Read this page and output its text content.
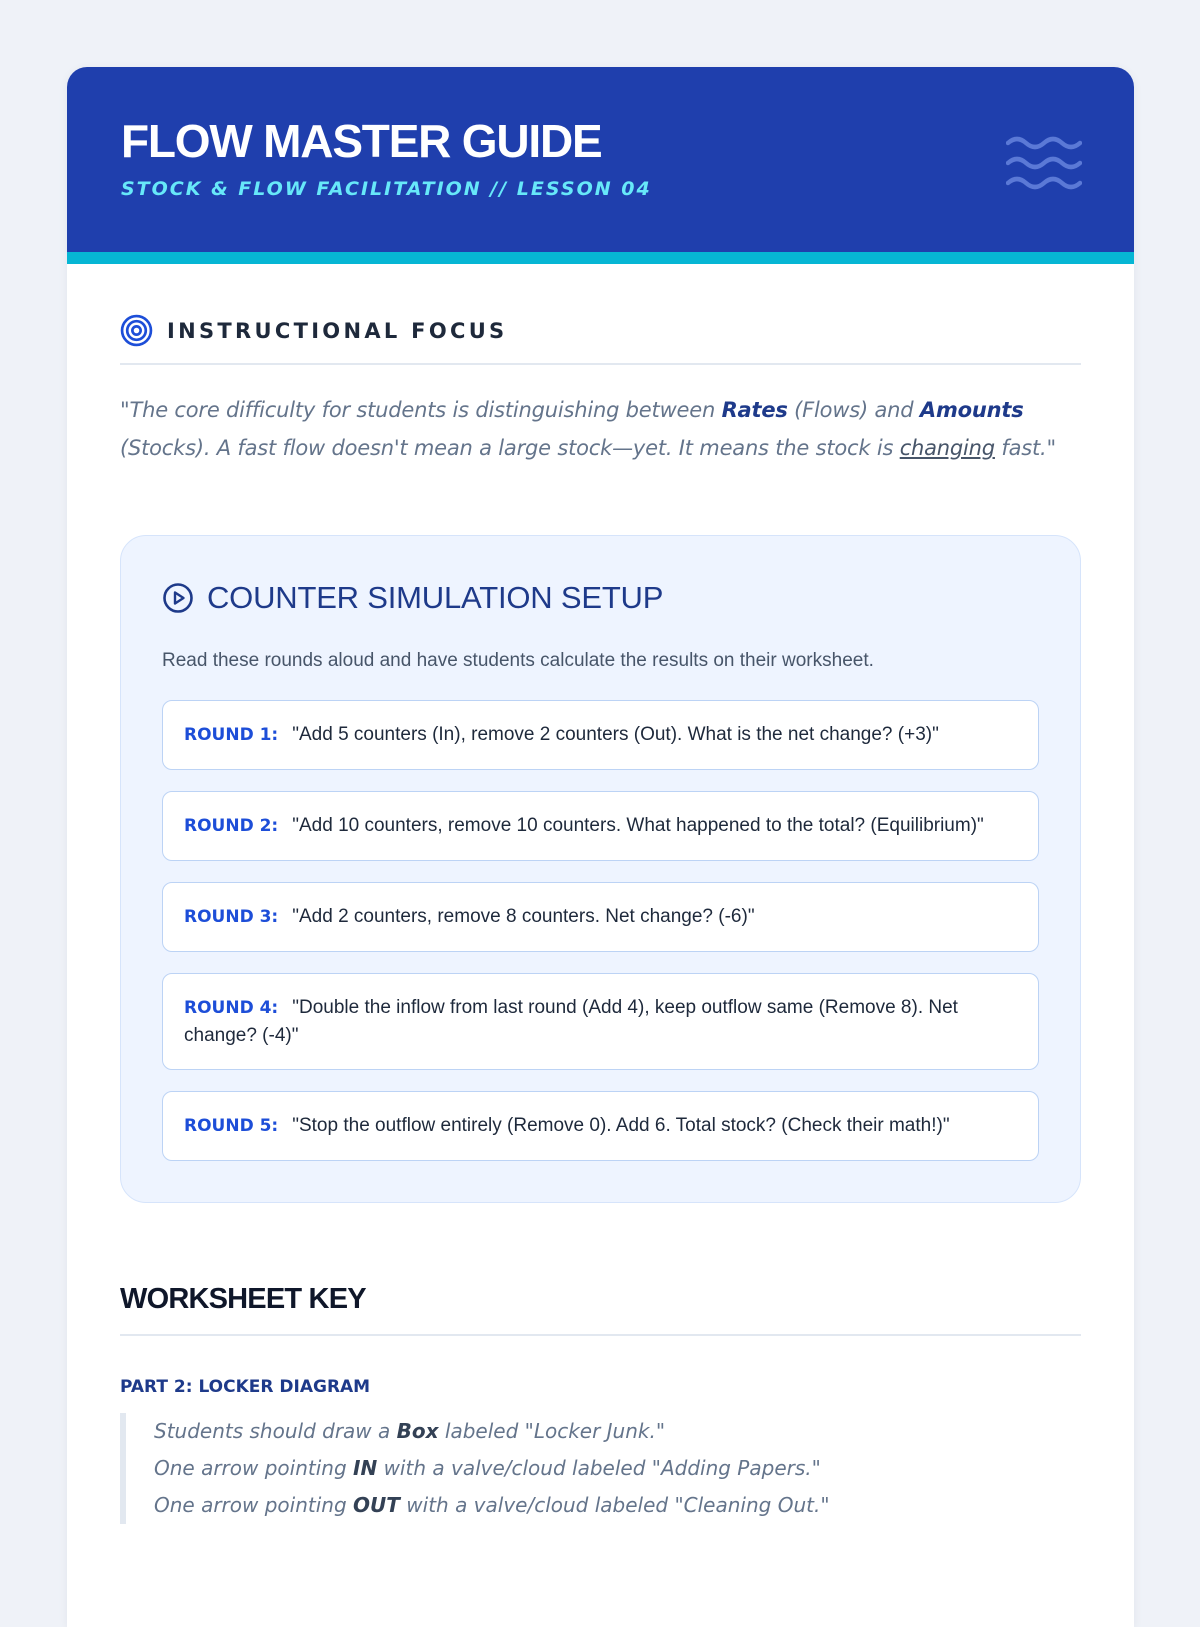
FLOW MASTER GUIDE
STOCK & FLOW FACILITATION // LESSON 04
INSTRUCTIONAL FOCUS

"The core difficulty for students is distinguishing between Rates (Flows) and Amounts (Stocks). A fast flow doesn't mean a large stock—yet. It means the stock is changing fast."

COUNTER SIMULATION SETUP

Read these rounds aloud and have students calculate the results on their worksheet.

ROUND 1: "Add 5 counters (In), remove 2 counters (Out). What is the net change? (+3)"
ROUND 2: "Add 10 counters, remove 10 counters. What happened to the total? (Equilibrium)"
ROUND 3: "Add 2 counters, remove 8 counters. Net change? (-6)"
ROUND 4: "Double the inflow from last round (Add 4), keep outflow same (Remove 8). Net change? (-4)"
ROUND 5: "Stop the outflow entirely (Remove 0). Add 6. Total stock? (Check their math!)"
WORKSHEET KEY
PART 2: LOCKER DIAGRAM
Students should draw a Box labeled "Locker Junk."
One arrow pointing IN with a valve/cloud labeled "Adding Papers."
One arrow pointing OUT with a valve/cloud labeled "Cleaning Out."
